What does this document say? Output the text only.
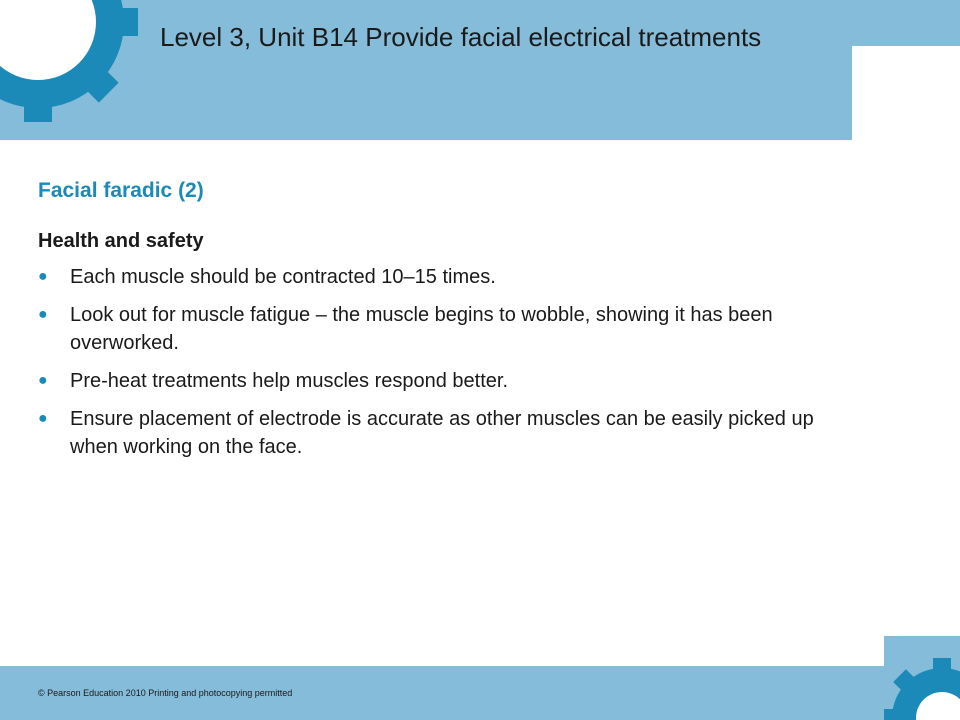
Level 3, Unit B14 Provide facial electrical treatments
Facial faradic (2)
Health and safety
● Each muscle should be contracted 10–15 times.
● Look out for muscle fatigue – the muscle begins to wobble, showing it has been overworked.
● Pre-heat treatments help muscles respond better.
● Ensure placement of electrode is accurate as other muscles can be easily picked up when working on the face.

© Pearson Education 2010 Printing and photocopying permitted
